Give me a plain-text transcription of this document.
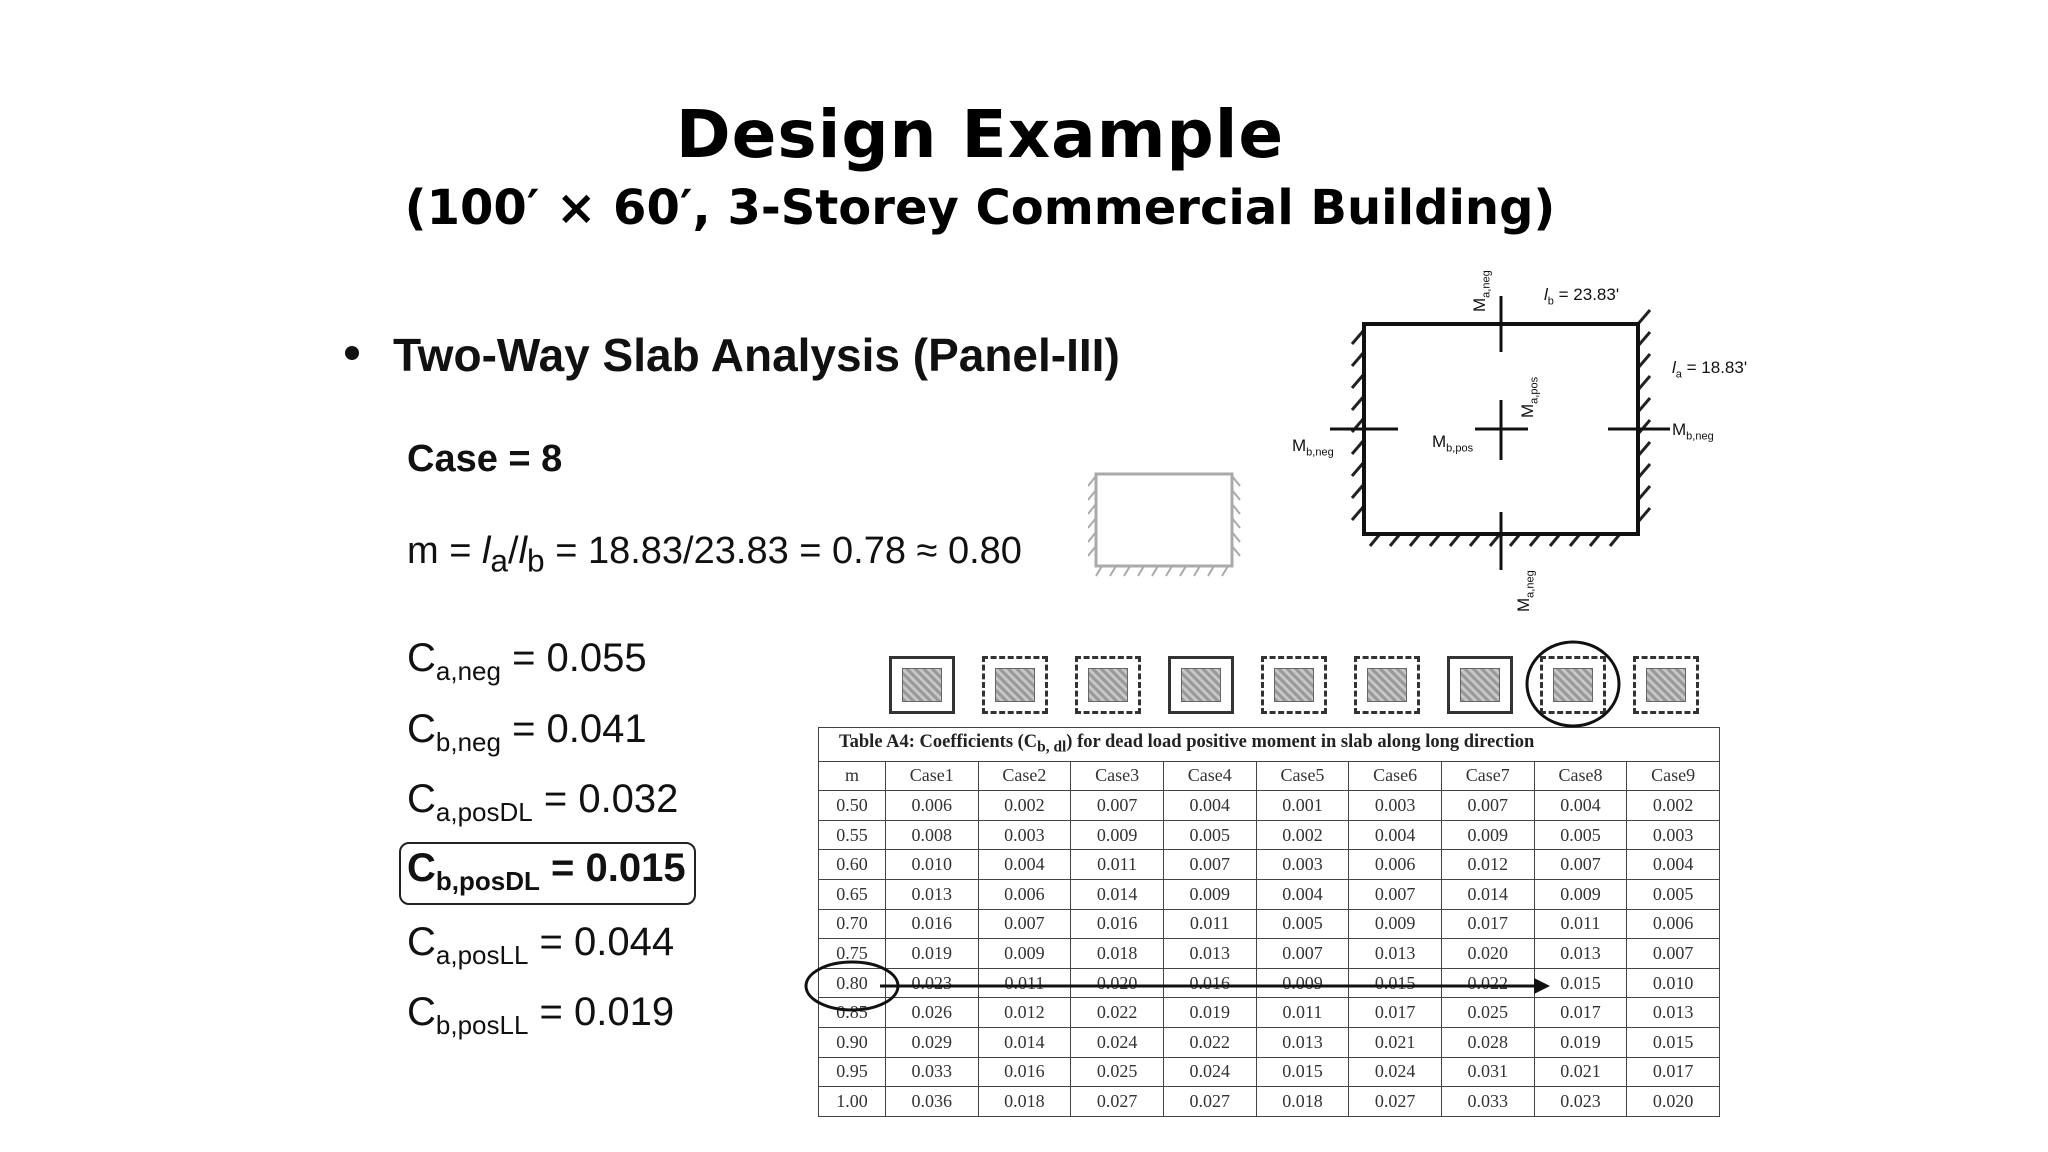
Design Example
(100′ × 60′, 3-Storey Commercial Building)
Two-Way Slab Analysis (Panel-III)
Case = 8
$m = l_a/l_b = 18.83/23.83 = 0.78 \approx 0.80$
$l_b = 23.83'$
$l_a = 18.83'$
$M_{b,neg}$
$M_{b,neg}$
$M_{b,pos}$
$M_{a,neg}$
$M_{a,pos}$
$M_{a,neg}$
$C_{a,neg} = 0.055$
$C_{b,neg} = 0.041$
$C_{a,posDL} = 0.032$
$C_{b,posDL} = 0.015$
$C_{a,posLL} = 0.044$
$C_{b,posLL} = 0.019$
Table A4: Coefficients $(C_{b, dl})$ for dead load positive moment in slab along long direction
m	Case1	Case2	Case3	Case4	Case5	Case6	Case7	Case8	Case9
0.50	0.006	0.002	0.007	0.004	0.001	0.003	0.007	0.004	0.002
0.55	0.008	0.003	0.009	0.005	0.002	0.004	0.009	0.005	0.003
0.60	0.010	0.004	0.011	0.007	0.003	0.006	0.012	0.007	0.004
0.65	0.013	0.006	0.014	0.009	0.004	0.007	0.014	0.009	0.005
0.70	0.016	0.007	0.016	0.011	0.005	0.009	0.017	0.011	0.006
0.75	0.019	0.009	0.018	0.013	0.007	0.013	0.020	0.013	0.007
0.80	0.023	0.011	0.020	0.016	0.009	0.015	0.022	0.015	0.010
0.85	0.026	0.012	0.022	0.019	0.011	0.017	0.025	0.017	0.013
0.90	0.029	0.014	0.024	0.022	0.013	0.021	0.028	0.019	0.015
0.95	0.033	0.016	0.025	0.024	0.015	0.024	0.031	0.021	0.017
1.00	0.036	0.018	0.027	0.027	0.018	0.027	0.033	0.023	0.020
